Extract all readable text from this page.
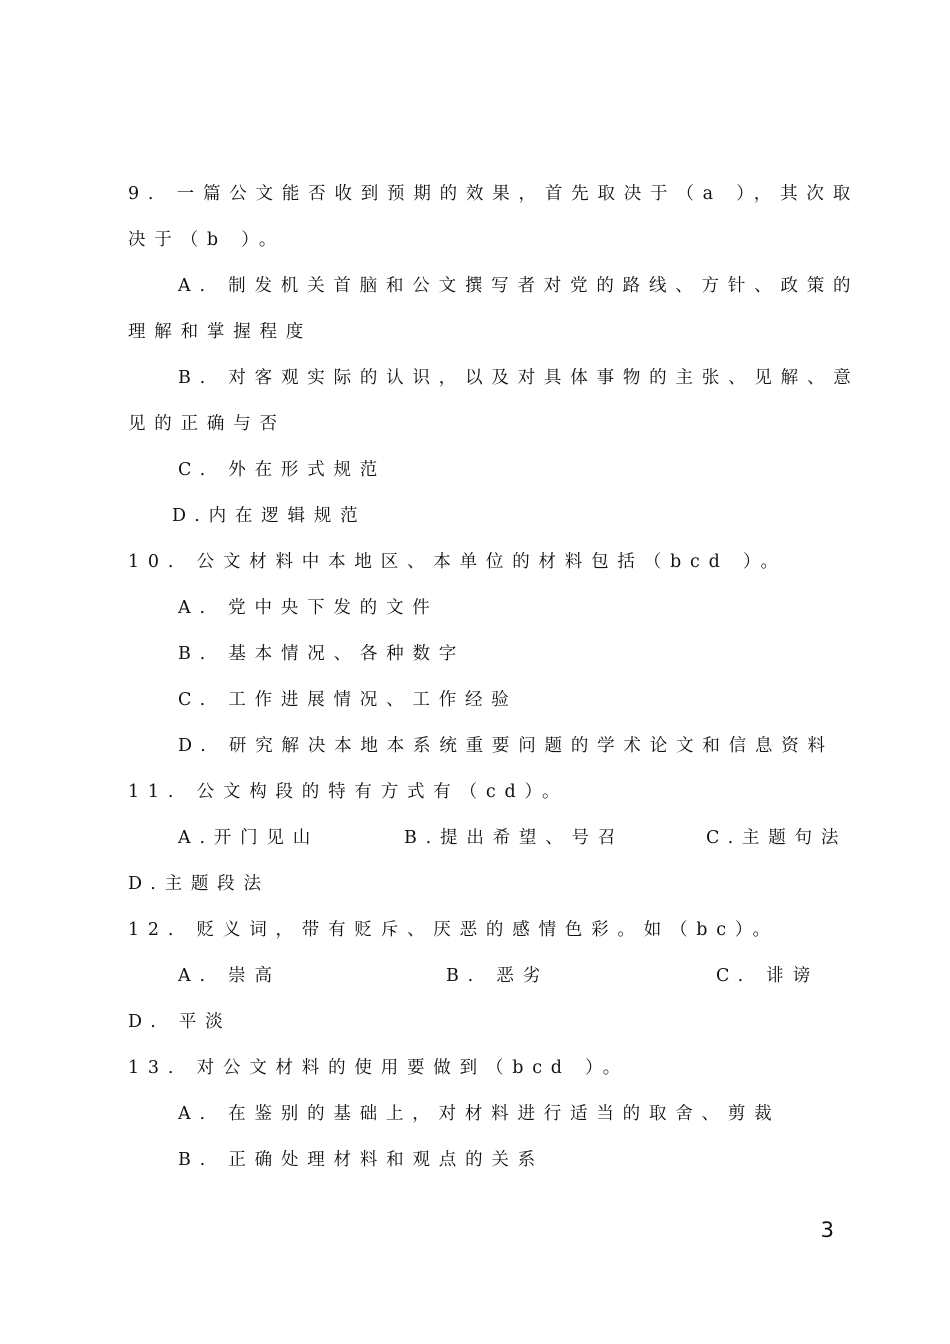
9. 一篇公文能否收到预期的效果，首先取决于（a ），其次取
决于（b ）。
A. 制发机关首脑和公文撰写者对党的路线、方针、政策的
理解和掌握程度
B. 对客观实际的认识，以及对具体事物的主张、见解、意
见的正确与否
C. 外在形式规范
D.内在逻辑规范
10. 公文材料中本地区、本单位的材料包括（bcd ）。
A. 党中央下发的文件
B. 基本情况、各种数字
C. 工作进展情况、工作经验
D. 研究解决本地本系统重要问题的学术论文和信息资料
11. 公文构段的特有方式有（cd）。
A.开门见山	B.提出希望、号召	C.主题句法
D.主题段法
12. 贬义词，带有贬斥、厌恶的感情色彩。如（bc）。
A. 崇高	B. 恶劣	C. 诽谤
D. 平淡
13. 对公文材料的使用要做到（bcd ）。
A. 在鉴别的基础上，对材料进行适当的取舍、剪裁
B. 正确处理材料和观点的关系
3
